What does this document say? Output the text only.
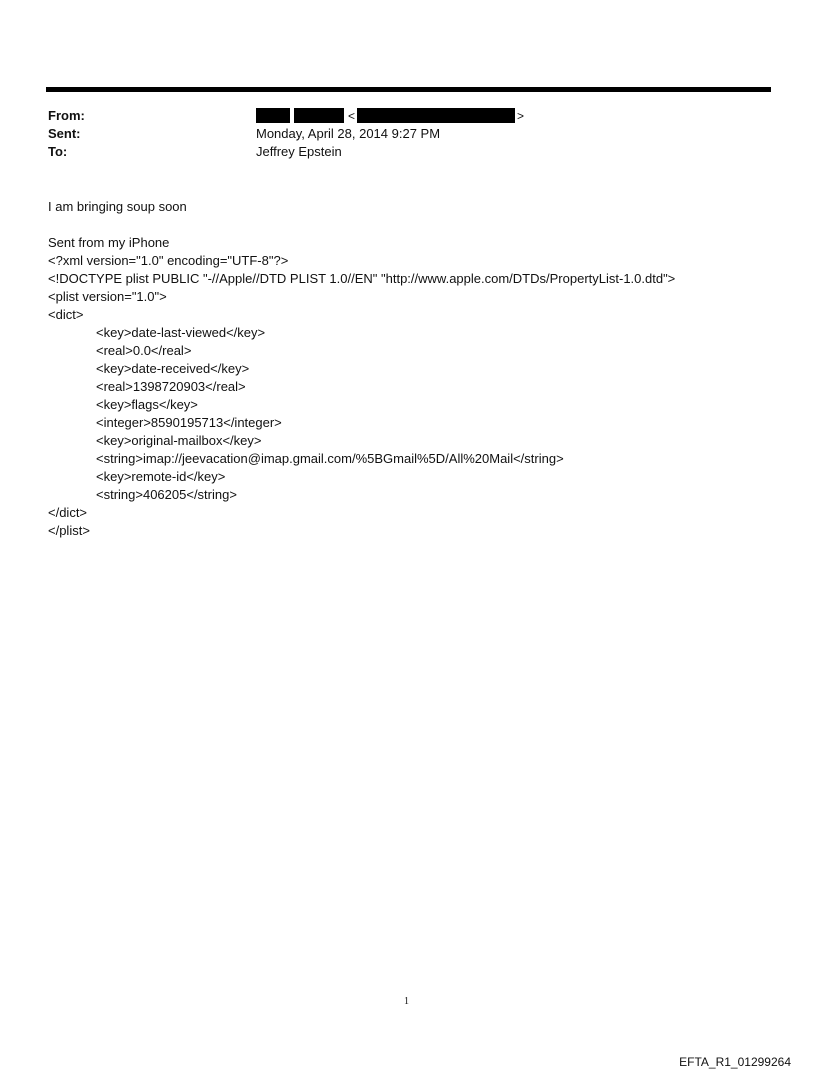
From:
Sent:
To:
<	>
Monday, April 28, 2014 9:27 PM
Jeffrey Epstein
I am bringing soup soon
Sent from my iPhone
<?xml version="1.0" encoding="UTF-8"?>
<!DOCTYPE plist PUBLIC "-//Apple//DTD PLIST 1.0//EN" "http://www.apple.com/DTDs/PropertyList-1.0.dtd">
<plist version="1.0">
<dict>
<key>date-last-viewed</key>
<real>0.0</real>
<key>date-received</key>
<real>1398720903</real>
<key>flags</key>
<integer>8590195713</integer>
<key>original-mailbox</key>
<string>imap://jeevacation@imap.gmail.com/%5BGmail%5D/All%20Mail</string>
<key>remote-id</key>
<string>406205</string>
</dict>
</plist>
1
EFTA_R1_01299264
